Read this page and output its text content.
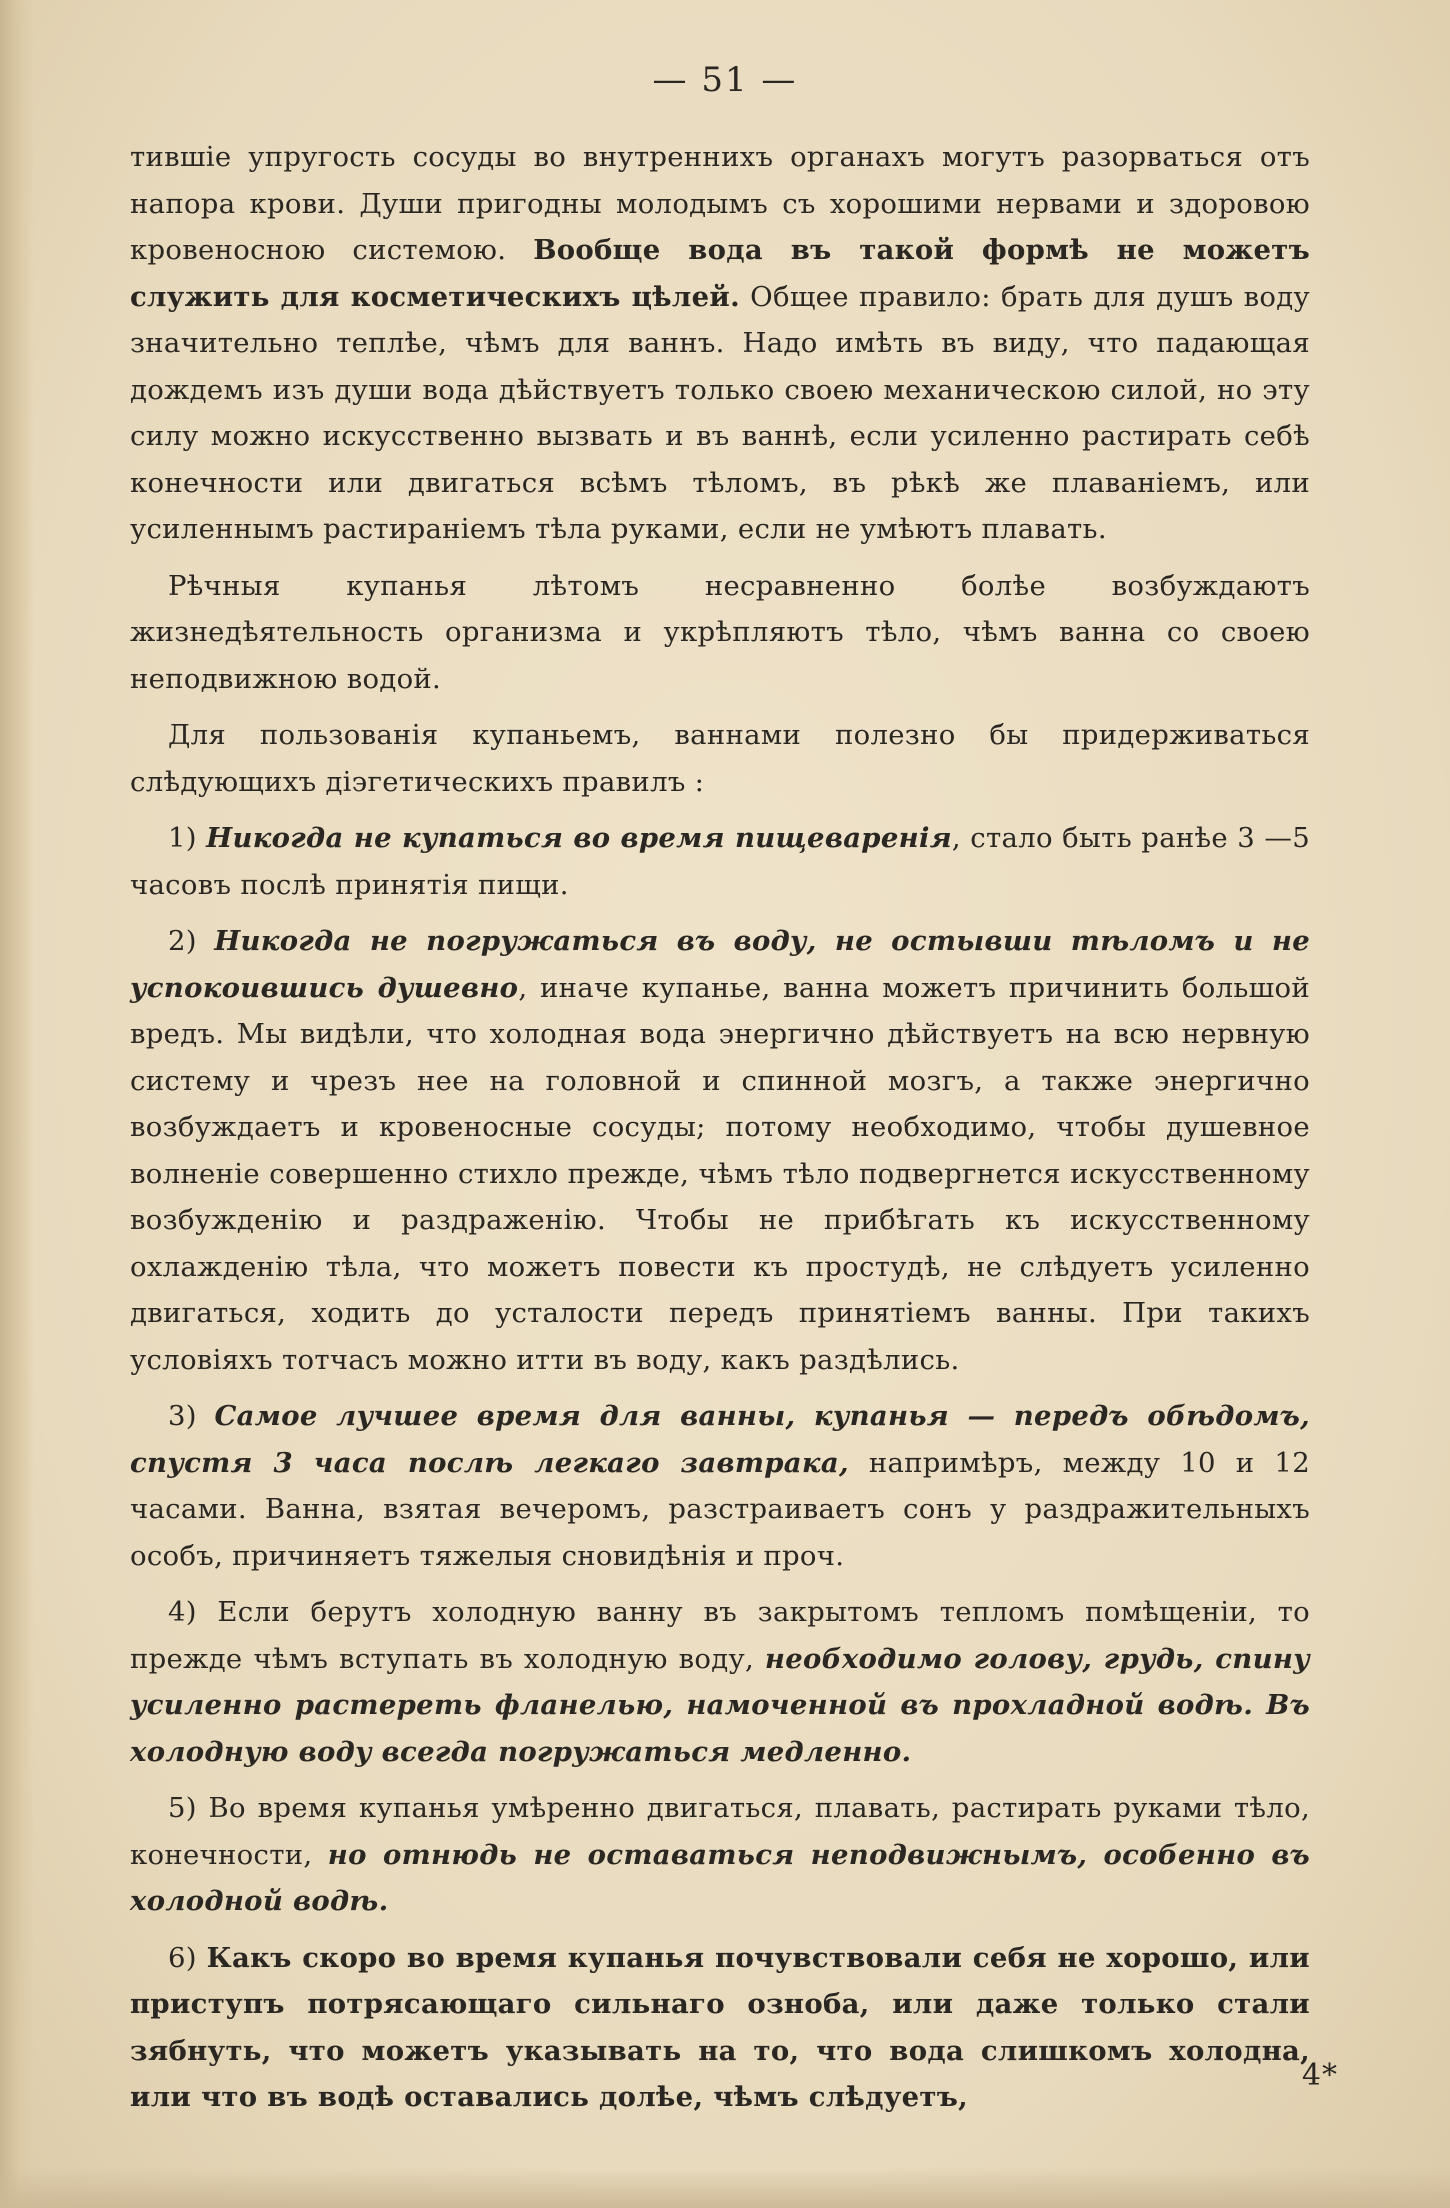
— 51 —

тившіе упругость сосуды во внутреннихъ органахъ могутъ разорваться отъ напора крови. Души пригодны молодымъ съ хорошими нервами и здоровою кровеносною системою. Вообще вода въ такой формѣ не можетъ служить для косметическихъ цѣлей. Общее правило: брать для душъ воду значительно теплѣе, чѣмъ для ваннъ. Надо имѣть въ виду, что падающая дождемъ изъ души вода дѣйствуетъ только своею механическою силой, но эту силу можно искусственно вызвать и въ ваннѣ, если усиленно растирать себѣ конечности или двигаться всѣмъ тѣломъ, въ рѣкѣ же плаваніемъ, или усиленнымъ растираніемъ тѣла руками, если не умѣютъ плавать.

Рѣчныя купанья лѣтомъ несравненно болѣе возбуждаютъ жизнедѣятельность организма и укрѣпляютъ тѣло, чѣмъ ванна со своею неподвижною водой.

Для пользованія купаньемъ, ваннами полезно бы придерживаться слѣдующихъ діэгетическихъ правилъ :

1) Никогда не купаться во время пищеваренія, стало быть ранѣе 3 —5 часовъ послѣ принятія пищи.

2) Никогда не погружаться въ воду, не остывши тѣломъ и не успокоившись душевно, иначе купанье, ванна можетъ причинить большой вредъ. Мы видѣли, что холодная вода энергично дѣйствуетъ на всю нервную систему и чрезъ нее на головной и спинной мозгъ, а также энергично возбуждаетъ и кровеносные сосуды; потому необходимо, чтобы душевное волненіе совершенно стихло прежде, чѣмъ тѣло подвергнется искусственному возбужденію и раздраженію. Чтобы не прибѣгать къ искусственному охлажденію тѣла, что можетъ повести къ простудѣ, не слѣдуетъ усиленно двигаться, ходить до усталости передъ принятіемъ ванны. При такихъ условіяхъ тотчасъ можно итти въ воду, какъ раздѣлись.

3) Самое лучшее время для ванны, купанья — передъ обѣдомъ, спустя 3 часа послѣ легкаго завтрака, напримѣръ, между 10 и 12 часами. Ванна, взятая вечеромъ, разстраиваетъ сонъ у раздражительныхъ особъ, причиняетъ тяжелыя сновидѣнія и проч.

4) Если берутъ холодную ванну въ закрытомъ тепломъ помѣщеніи, то прежде чѣмъ вступать въ холодную воду, необходимо голову, грудь, спину усиленно растереть фланелью, намоченной въ прохладной водѣ. Въ холодную воду всегда погружаться медленно.

5) Во время купанья умѣренно двигаться, плавать, растирать руками тѣло, конечности, но отнюдь не оставаться неподвижнымъ, особенно въ холодной водѣ.

6) Какъ скоро во время купанья почувствовали себя не хорошо, или приступъ потрясающаго сильнаго озноба, или даже только стали зябнуть, что можетъ указывать на то, что вода слишкомъ холодна, или что въ водѣ оставались долѣе, чѣмъ слѣдуетъ,

4*
